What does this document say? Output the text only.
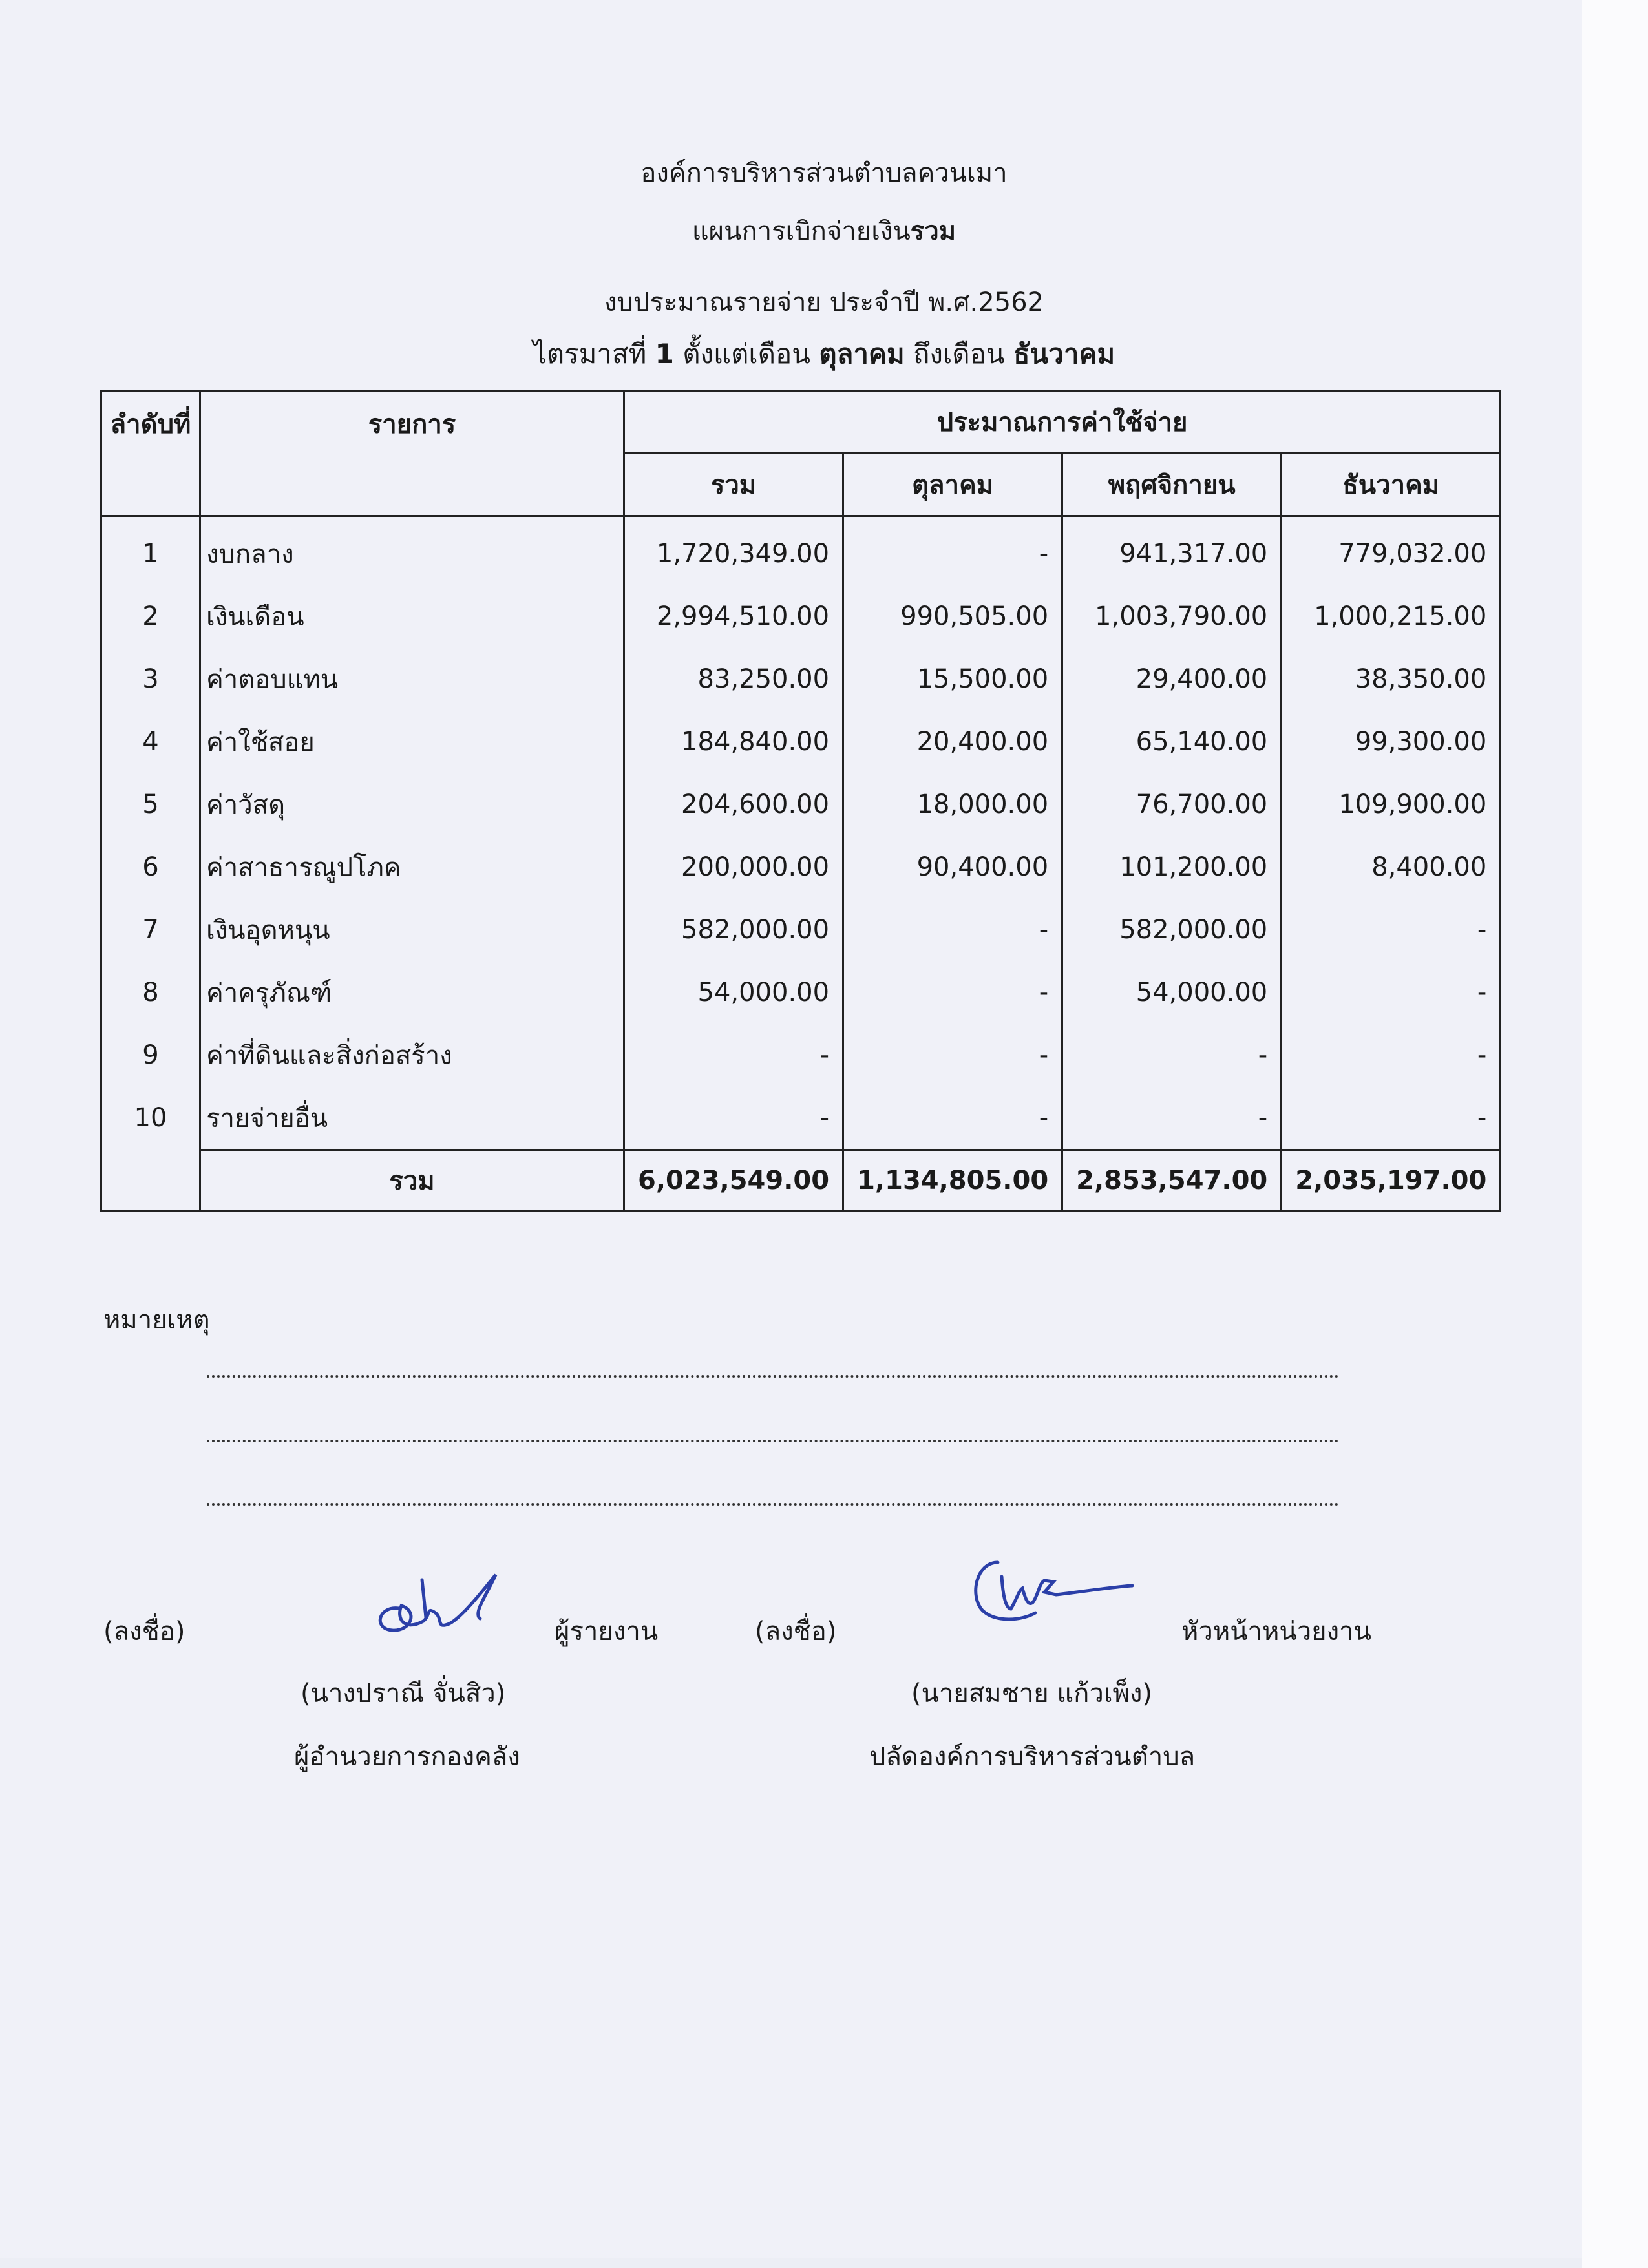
องค์การบริหารส่วนตำบลควนเมา
แผนการเบิกจ่ายเงินรวม
งบประมาณรายจ่าย ประจำปี พ.ศ.2562
ไตรมาสที่ 1 ตั้งแต่เดือน ตุลาคม ถึงเดือน ธันวาคม
ลำดับที่	รายการ	ประมาณการค่าใช้จ่าย			
		รวม	ตุลาคม	พฤศจิกายน	ธันวาคม
1	งบกลาง	1,720,349.00	-	941,317.00	779,032.00
2	เงินเดือน	2,994,510.00	990,505.00	1,003,790.00	1,000,215.00
3	ค่าตอบแทน	83,250.00	15,500.00	29,400.00	38,350.00
4	ค่าใช้สอย	184,840.00	20,400.00	65,140.00	99,300.00
5	ค่าวัสดุ	204,600.00	18,000.00	76,700.00	109,900.00
6	ค่าสาธารณูปโภค	200,000.00	90,400.00	101,200.00	8,400.00
7	เงินอุดหนุน	582,000.00	-	582,000.00	-
8	ค่าครุภัณฑ์	54,000.00	-	54,000.00	-
9	ค่าที่ดินและสิ่งก่อสร้าง	-	-	-	-
10	รายจ่ายอื่น	-	-	-	-
	รวม	6,023,549.00	1,134,805.00	2,853,547.00	2,035,197.00
หมายเหตุ
(ลงชื่อ)	ผู้รายงาน
(นางปราณี จั่นสิว)
ผู้อำนวยการกองคลัง
(ลงชื่อ)	หัวหน้าหน่วยงาน
(นายสมชาย แก้วเพ็ง)
ปลัดองค์การบริหารส่วนตำบล
